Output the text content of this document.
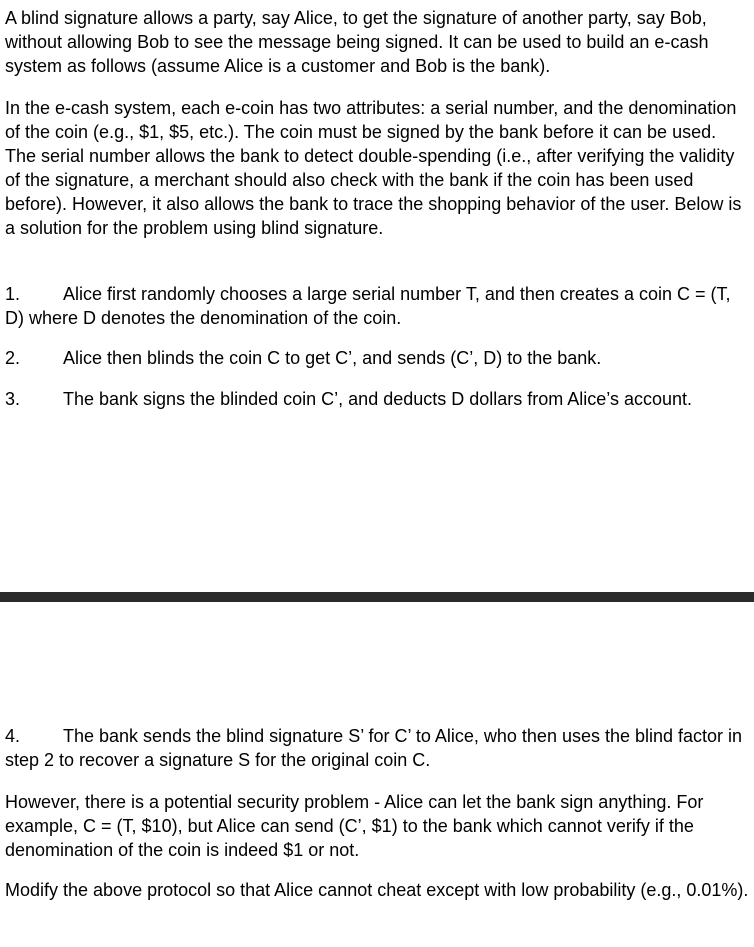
A blind signature allows a party, say Alice, to get the signature of another party, say Bob, without allowing Bob to see the message being signed. It can be used to build an e-cash system as follows (assume Alice is a customer and Bob is the bank).

In the e-cash system, each e-coin has two attributes: a serial number, and the denomination of the coin (e.g., $1, $5, etc.). The coin must be signed by the bank before it can be used. The serial number allows the bank to detect double-spending (i.e., after verifying the validity of the signature, a merchant should also check with the bank if the coin has been used before). However, it also allows the bank to trace the shopping behavior of the user. Below is a solution for the problem using blind signature.

1. Alice first randomly chooses a large serial number T, and then creates a coin C = (T, D) where D denotes the denomination of the coin.

2. Alice then blinds the coin C to get C’, and sends (C’, D) to the bank.

3. The bank signs the blinded coin C’, and deducts D dollars from Alice’s account.

4. The bank sends the blind signature S’ for C’ to Alice, who then uses the blind factor in step 2 to recover a signature S for the original coin C.

However, there is a potential security problem - Alice can let the bank sign anything. For example, C = (T, $10), but Alice can send (C’, $1) to the bank which cannot verify if the denomination of the coin is indeed $1 or not.

Modify the above protocol so that Alice cannot cheat except with low probability (e.g., 0.01%).
